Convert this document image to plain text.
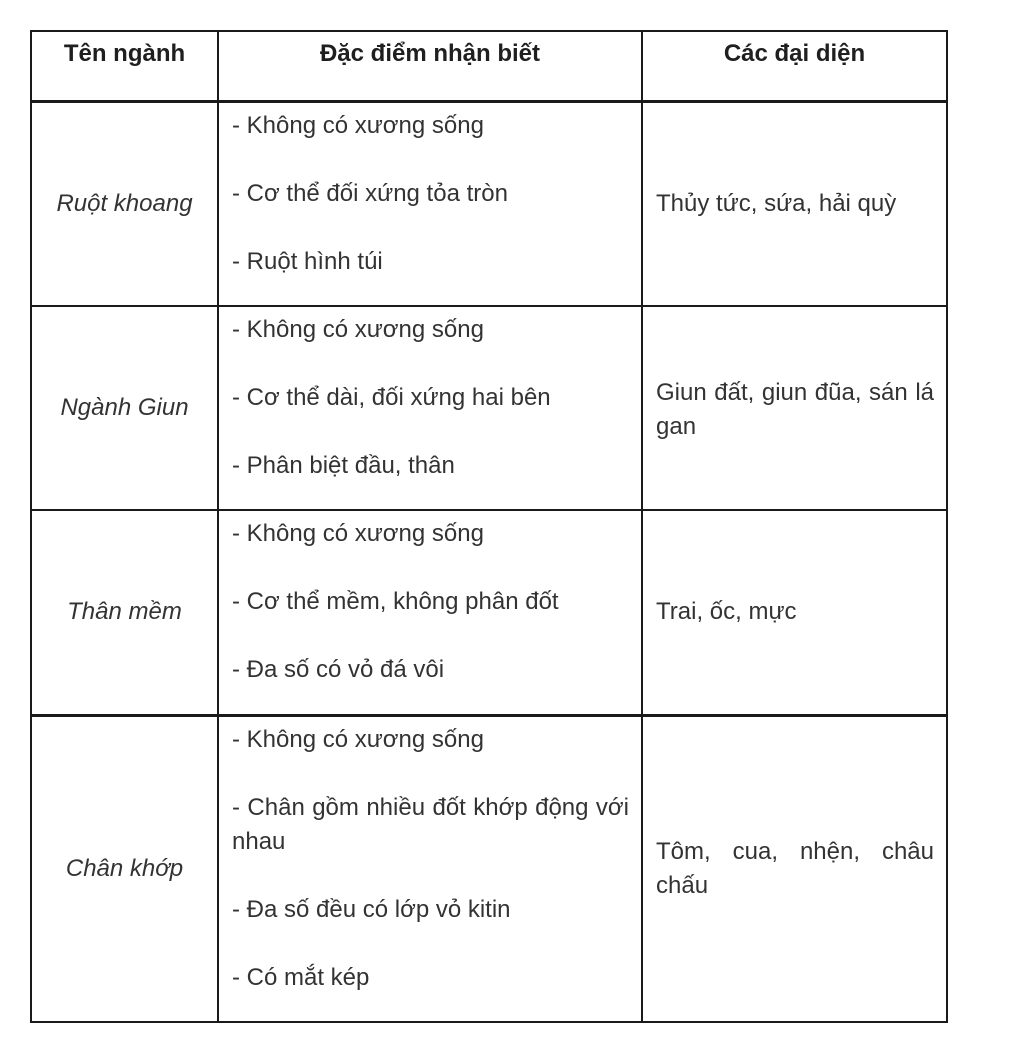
Tên ngành	Đặc điểm nhận biết	Các đại diện
Ruột khoang	- Không có xương sống
- Cơ thể đối xứng tỏa tròn
- Ruột hình túi	Thủy tức, sứa, hải quỳ
Ngành Giun	- Không có xương sống
- Cơ thể dài, đối xứng hai bên
- Phân biệt đầu, thân	Giun đất, giun đũa, sán lá gan
Thân mềm	- Không có xương sống
- Cơ thể mềm, không phân đốt
- Đa số có vỏ đá vôi	Trai, ốc, mực
Chân khớp	- Không có xương sống
- Chân gồm nhiều đốt khớp động với nhau
- Đa số đều có lớp vỏ kitin
- Có mắt kép	Tôm, cua, nhện, châu chấu
